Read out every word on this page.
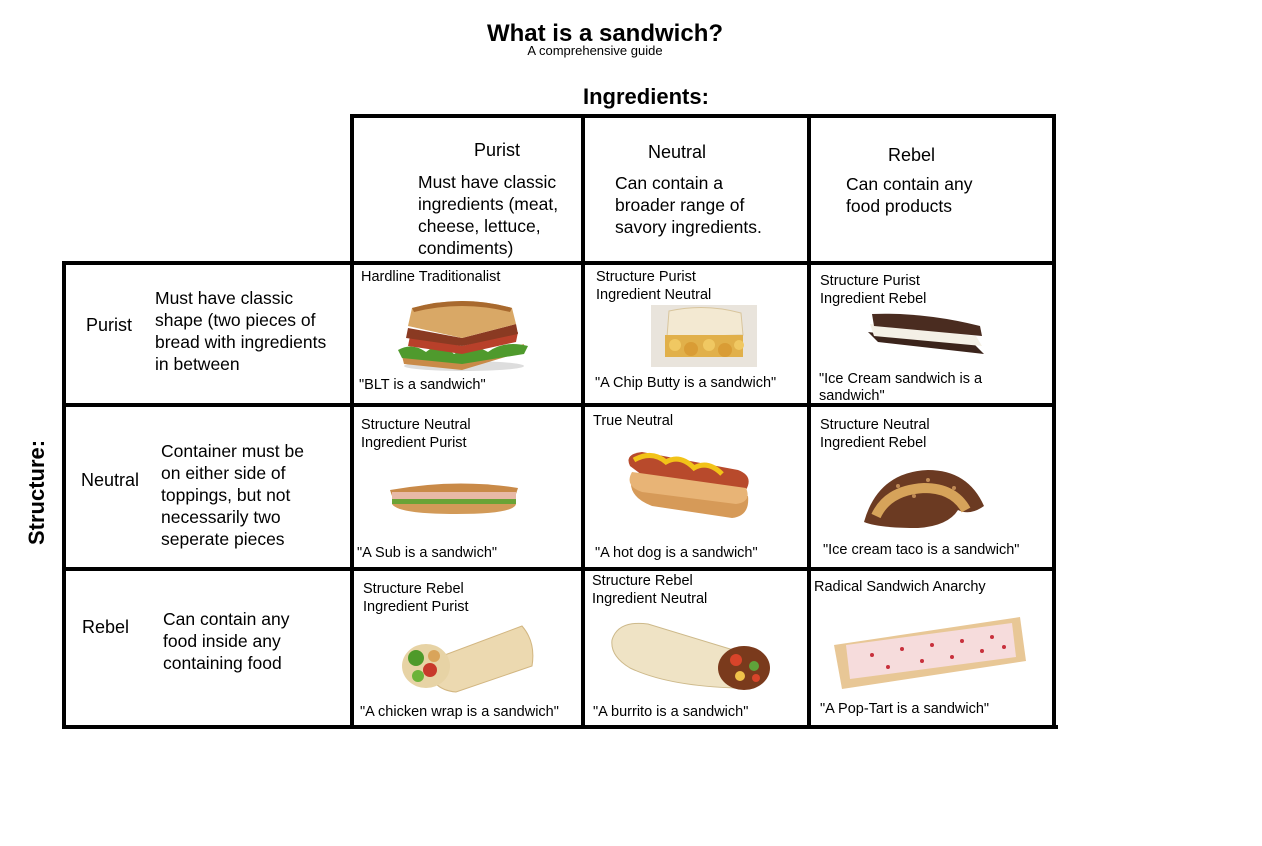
What is a sandwich?
A comprehensive guide
Ingredients:
Structure:
Purist
Must have classic
ingredients (meat,
cheese, lettuce,
condiments)
Neutral
Can contain a
broader range of
savory ingredients.
Rebel
Can contain any
food products
Purist
Must have classic
shape (two pieces of
bread with ingredients
in between
Neutral
Container must be
on either side of
toppings, but not
necessarily two
seperate pieces
Rebel Can contain any
food inside any
containing food
Hardline Traditionalist
"BLT is a sandwich"
Structure Purist
Ingredient Neutral
"A Chip Butty is a sandwich"
Structure Purist
Ingredient Rebel
"Ice Cream sandwich is a
sandwich"
Structure Neutral
Ingredient Purist
"A Sub is a sandwich"
True Neutral
"A hot dog is a sandwich"
Structure Neutral
Ingredient Rebel
"Ice cream taco is a sandwich"
Structure Rebel
Ingredient Purist
"A chicken wrap is a sandwich"
Structure Rebel
Ingredient Neutral
"A burrito is a sandwich"
Radical Sandwich Anarchy
"A Pop-Tart is a sandwich"
